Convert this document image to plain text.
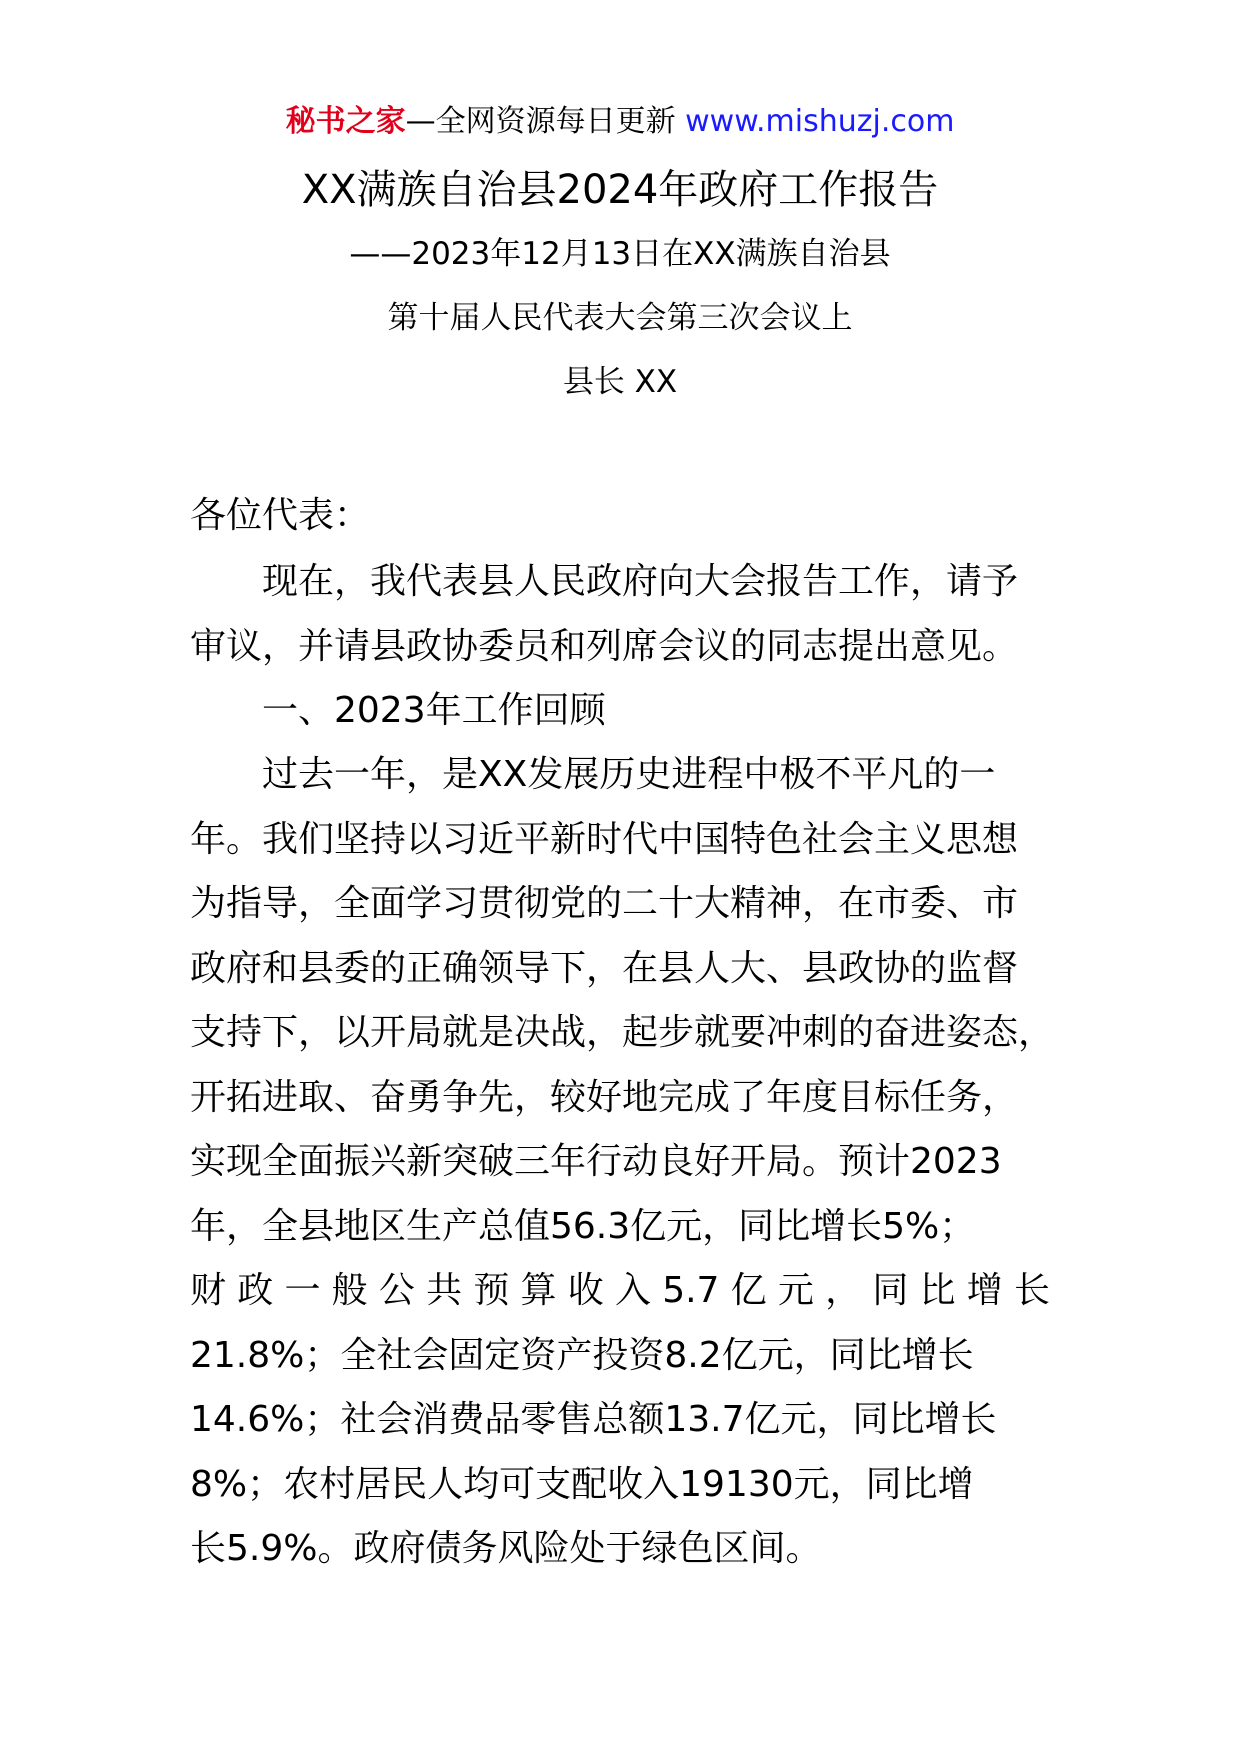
秘书之家—全网资源每日更新 www.mishuzj.com
XX满族自治县2024年政府工作报告
——2023年12月13日在XX满族自治县
第十届人民代表大会第三次会议上
县长 XX
各位代表：
现在，我代表县人民政府向大会报告工作，请予
审议，并请县政协委员和列席会议的同志提出意见。
一、2023年工作回顾
过去一年，是XX发展历史进程中极不平凡的一
年。我们坚持以习近平新时代中国特色社会主义思想
为指导，全面学习贯彻党的二十大精神，在市委、市
政府和县委的正确领导下，在县人大、县政协的监督
支持下，以开局就是决战，起步就要冲刺的奋进姿态，
开拓进取、奋勇争先，较好地完成了年度目标任务，
实现全面振兴新突破三年行动良好开局。预计2023
年，全县地区生产总值56.3亿元，同比增长5%；
财政一般公共预算收入5.7亿元，同比增长
21.8%；全社会固定资产投资8.2亿元，同比增长
14.6%；社会消费品零售总额13.7亿元，同比增长
8%；农村居民人均可支配收入19130元，同比增
长5.9%。政府债务风险处于绿色区间。
